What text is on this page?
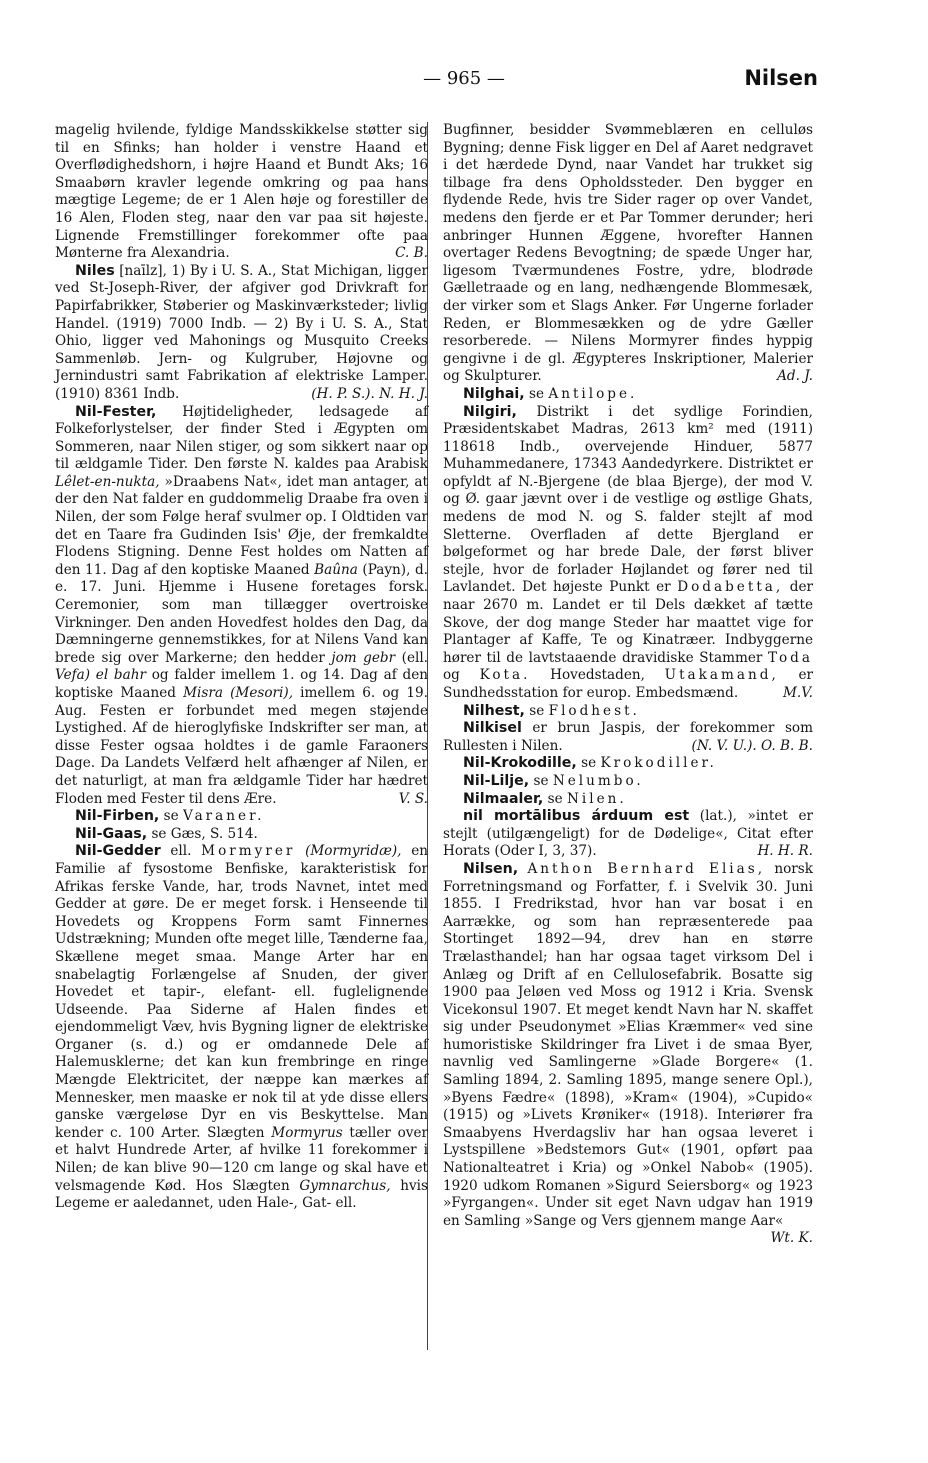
— 965 —	Nilsen

magelig hvilende, fyldige Mandsskikkelse støtter sig til en Sfinks; han holder i venstre Haand et Overflødighedshorn, i højre Haand et Bundt Aks; 16 Smaabørn kravler legende omkring og paa hans mægtige Legeme; de er 1 Alen høje og forestiller de 16 Alen, Floden steg, naar den var paa sit højeste. Lignende Fremstillinger forekommer ofte paa Mønterne fra Alexandria.	C. B.

Niles [naīlz], 1) By i U. S. A., Stat Michigan, ligger ved St-Joseph-River, der afgiver god Drivkraft for Papirfabrikker, Støberier og Maskinværksteder; livlig Handel. (1919) 7000 Indb. — 2) By i U. S. A., Stat Ohio, ligger ved Mahonings og Musquito Creeks Sammenløb. Jern- og Kulgruber, Højovne og Jernindustri samt Fabrikation af elektriske Lamper. (1910) 8361 Indb.	(H. P. S.). N. H. J.

Nil-Fester, Højtideligheder, ledsagede af Folkeforlystelser, der finder Sted i Ægypten om Sommeren, naar Nilen stiger, og som sikkert naar op til ældgamle Tider. Den første N. kaldes paa Arabisk Lêlet-en-nukta, »Draabens Nat«, idet man antager, at der den Nat falder en guddommelig Draabe fra oven i Nilen, der som Følge heraf svulmer op. I Oldtiden var det en Taare fra Gudinden Isis' Øje, der fremkaldte Flodens Stigning. Denne Fest holdes om Natten af den 11. Dag af den koptiske Maaned Baûna (Payn), d. e. 17. Juni. Hjemme i Husene foretages forsk. Ceremonier, som man tillægger overtroiske Virkninger. Den anden Hovedfest holdes den Dag, da Dæmningerne gennemstikkes, for at Nilens Vand kan brede sig over Markerne; den hedder jom gebr (ell. Vefa) el bahr og falder imellem 1. og 14. Dag af den koptiske Maaned Misra (Mesori), imellem 6. og 19. Aug. Festen er forbundet med megen støjende Lystighed. Af de hieroglyfiske Indskrifter ser man, at disse Fester ogsaa holdtes i de gamle Faraoners Dage. Da Landets Velfærd helt afhænger af Nilen, er det naturligt, at man fra ældgamle Tider har hædret Floden med Fester til dens Ære.	V. S.

Nil-Firben, se Varaner.

Nil-Gaas, se Gæs, S. 514.

Nil-Gedder ell. Mormyrer (Mormyridæ), en Familie af fysostome Benfiske, karakteristisk for Afrikas ferske Vande, har, trods Navnet, intet med Gedder at gøre. De er meget forsk. i Henseende til Hovedets og Kroppens Form samt Finnernes Udstrækning; Munden ofte meget lille, Tænderne faa, Skællene meget smaa. Mange Arter har en snabelagtig Forlængelse af Snuden, der giver Hovedet et tapir-, elefant- ell. fuglelignende Udseende. Paa Siderne af Halen findes et ejendommeligt Væv, hvis Bygning ligner de elektriske Organer (s. d.) og er omdannede Dele af Halemusklerne; det kan kun frembringe en ringe Mængde Elektricitet, der næppe kan mærkes af Mennesker, men maaske er nok til at yde disse ellers ganske værgeløse Dyr en vis Beskyttelse. Man kender c. 100 Arter. Slægten Mormyrus tæller over et halvt Hundrede Arter, af hvilke 11 forekommer i Nilen; de kan blive 90—120 cm lange og skal have et velsmagende Kød. Hos Slægten Gymnarchus, hvis Legeme er aaledannet, uden Hale-, Gat- ell.

Bugfinner, besidder Svømmeblæren en celluløs Bygning; denne Fisk ligger en Del af Aaret nedgravet i det hærdede Dynd, naar Vandet har trukket sig tilbage fra dens Opholdssteder. Den bygger en flydende Rede, hvis tre Sider rager op over Vandet, medens den fjerde er et Par Tommer derunder; heri anbringer Hunnen Æggene, hvorefter Hannen overtager Redens Bevogtning; de spæde Unger har, ligesom Tværmundenes Fostre, ydre, blodrøde Gælletraade og en lang, nedhængende Blommesæk, der virker som et Slags Anker. Før Ungerne forlader Reden, er Blommesækken og de ydre Gæller resorberede. — Nilens Mormyrer findes hyppig gengivne i de gl. Ægypteres Inskriptioner, Malerier og Skulpturer.	Ad. J.

Nilghai, se Antilope.

Nilgiri, Distrikt i det sydlige Forindien, Præsidentskabet Madras, 2613 km² med (1911) 118618 Indb., overvejende Hinduer, 5877 Muhammedanere, 17343 Aandedyrkere. Distriktet er opfyldt af N.-Bjergene (de blaa Bjerge), der mod V. og Ø. gaar jævnt over i de vestlige og østlige Ghats, medens de mod N. og S. falder stejlt af mod Sletterne. Overfladen af dette Bjergland er bølgeformet og har brede Dale, der først bliver stejle, hvor de forlader Højlandet og fører ned til Lavlandet. Det højeste Punkt er Dodabetta, der naar 2670 m. Landet er til Dels dækket af tætte Skove, der dog mange Steder har maattet vige for Plantager af Kaffe, Te og Kinatræer. Indbyggerne hører til de lavtstaaende dravidiske Stammer Toda og Kota. Hovedstaden, Utakamand, er Sundhedsstation for europ. Embedsmænd.	M.V.

Nilhest, se Flodhest.

Nilkisel er brun Jaspis, der forekommer som Rullesten i Nilen.	(N. V. U.). O. B. B.

Nil-Krokodille, se Krokodiller.

Nil-Lilje, se Nelumbo.

Nilmaaler, se Nilen.

nil mortālibus árduum est (lat.), »intet er stejlt (utilgængeligt) for de Dødelige«, Citat efter Horats (Oder I, 3, 37).	H. H. R.

Nilsen, Anthon Bernhard Elias, norsk Forretningsmand og Forfatter, f. i Svelvik 30. Juni 1855. I Fredrikstad, hvor han var bosat i en Aarrække, og som han repræsenterede paa Stortinget 1892—94, drev han en større Trælasthandel; han har ogsaa taget virksom Del i Anlæg og Drift af en Cellulosefabrik. Bosatte sig 1900 paa Jeløen ved Moss og 1912 i Kria. Svensk Vicekonsul 1907. Et meget kendt Navn har N. skaffet sig under Pseudonymet »Elias Kræmmer« ved sine humoristiske Skildringer fra Livet i de smaa Byer, navnlig ved Samlingerne »Glade Borgere« (1. Samling 1894, 2. Samling 1895, mange senere Opl.), »Byens Fædre« (1898), »Kram« (1904), »Cupido« (1915) og »Livets Krøniker« (1918). Interiører fra Smaabyens Hverdagsliv har han ogsaa leveret i Lystspillene »Bedstemors Gut« (1901, opført paa Nationalteatret i Kria) og »Onkel Nabob« (1905). 1920 udkom Romanen »Sigurd Seiersborg« og 1923 »Fyrgangen«. Under sit eget Navn udgav han 1919 en Samling »Sange og Vers gjennem mange Aar«
Wt. K.
